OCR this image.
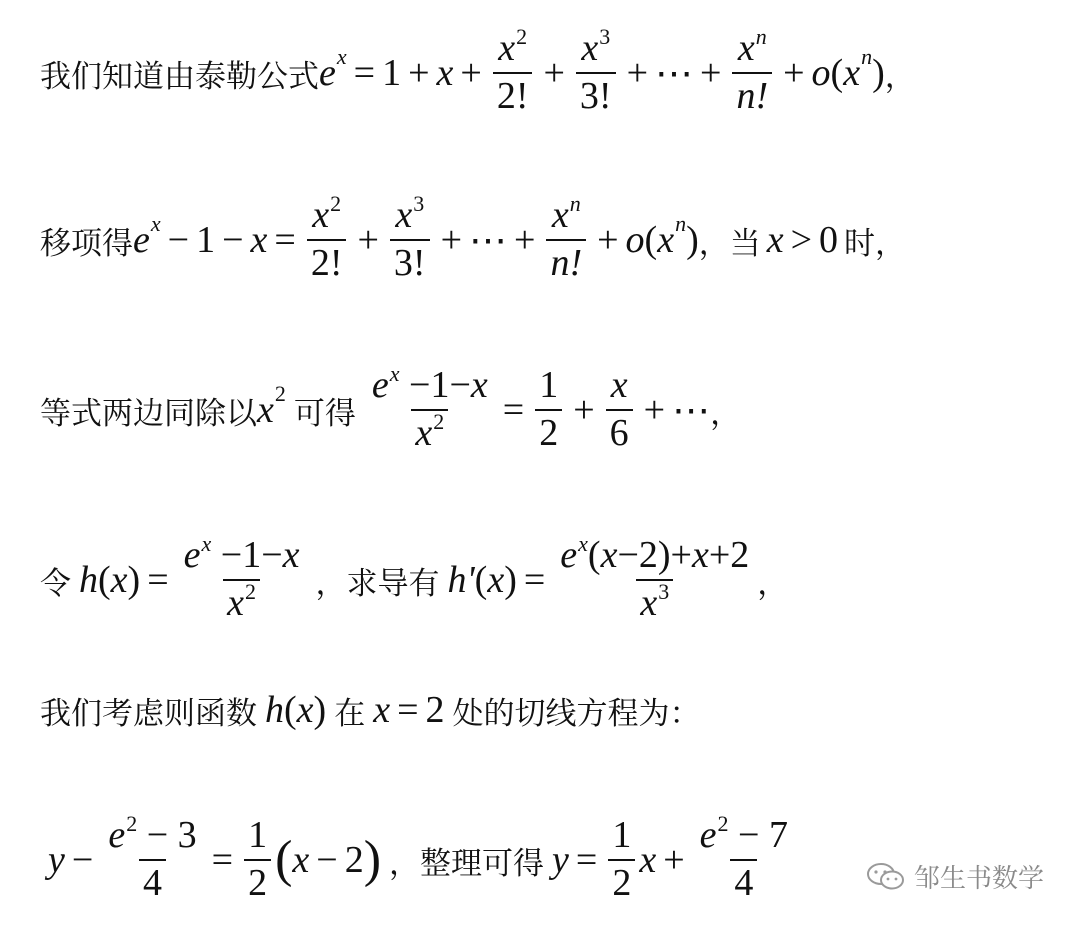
我们知道由泰勒公式 e $x = 1 + x + \frac{x^2}{2!} + \frac{x^3}{3!}$ + ⋯ + $\frac{x^n}{n!} + o$ ( x n ) ，
移项得 e $x - 1 - x = \frac{x^2}{2!} + \frac{x^3}{3!}$ + ⋯ + $\frac{x^n}{n!} + o$ ( x n ) ，当 x > 0 时，
等式两边同除以 x 2
可得 $\frac{e^x -1-x}{x^2} = \frac{1}{2} + \frac{x}{6}$ + ⋯ ，
令 h ( x ) = $\frac{e^x -1-x}{x^2}$ ，求导有 h' ( x ) = $\frac{e^x(x-2)+x+2}{x^3}$ ，
我们考虑则函数 h ( x ) 在 x = 2 处的切线方程为：
$y - \frac{e^2 - 3}{4} = \frac{1}{2}$ ( x − 2 ) ，整理可得 $y = \frac{1}{2}$ $x + \frac{e^2 - 7}{4}$	邹生书数学
